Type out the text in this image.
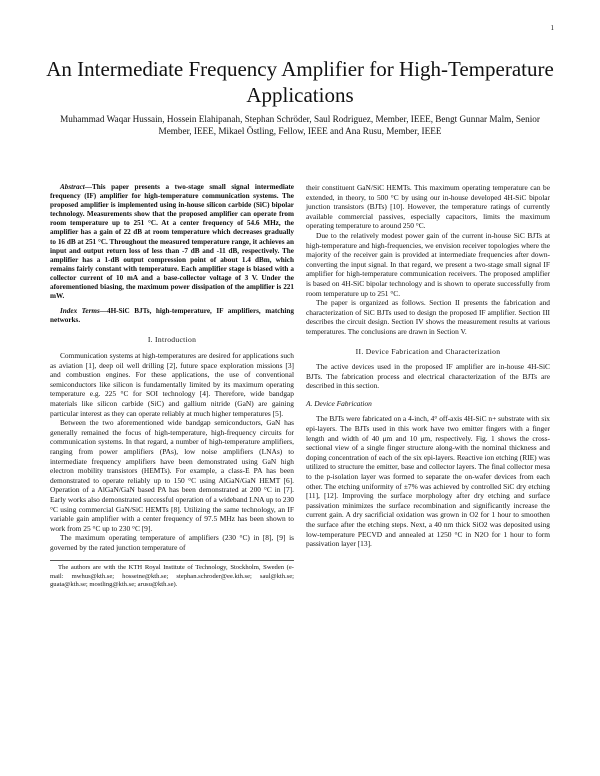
1
An Intermediate Frequency Amplifier for High-Temperature Applications
Muhammad Waqar Hussain, Hossein Elahipanah, Stephan Schröder, Saul Rodriguez, Member, IEEE, Bengt Gunnar Malm, Senior Member, IEEE, Mikael Östling, Fellow, IEEE and Ana Rusu, Member, IEEE

Abstract—This paper presents a two-stage small signal intermediate frequency (IF) amplifier for high-temperature communication systems. The proposed amplifier is implemented using in-house silicon carbide (SiC) bipolar technology. Measurements show that the proposed amplifier can operate from room temperature up to 251 °C. At a center frequency of 54.6 MHz, the amplifier has a gain of 22 dB at room temperature which decreases gradually to 16 dB at 251 °C. Throughout the measured temperature range, it achieves an input and output return loss of less than -7 dB and -11 dB, respectively. The amplifier has a 1-dB output compression point of about 1.4 dBm, which remains fairly constant with temperature. Each amplifier stage is biased with a collector current of 10 mA and a base-collector voltage of 3 V. Under the aforementioned biasing, the maximum power dissipation of the amplifier is 221 mW.

Index Terms—4H-SiC BJTs, high-temperature, IF amplifiers, matching networks.

I. Introduction

Communication systems at high-temperatures are desired for applications such as aviation [1], deep oil well drilling [2], future space exploration missions [3] and combustion engines. For these applications, the use of conventional semiconductors like silicon is fundamentally limited by its maximum operating temperature e.g. 225 °C for SOI technology [4]. Therefore, wide bandgap materials like silicon carbide (SiC) and gallium nitride (GaN) are gaining particular interest as they can operate reliably at much higher temperatures [5].

Between the two aforementioned wide bandgap semiconductors, GaN has generally remained the focus of high-temperature, high-frequency circuits for communication systems. In that regard, a number of high-temperature amplifiers, ranging from power amplifiers (PAs), low noise amplifiers (LNAs) to intermediate frequency amplifiers have been demonstrated using GaN high electron mobility transistors (HEMTs). For example, a class-E PA has been demonstrated to operate reliably up to 150 °C using AlGaN/GaN HEMT [6]. Operation of a AlGaN/GaN based PA has been demonstrated at 200 °C in [7]. Early works also demonstrated successful operation of a wideband LNA up to 230 °C using commercial GaN/SiC HEMTs [8]. Utilizing the same technology, an IF variable gain amplifier with a center frequency of 97.5 MHz has been shown to work from 25 °C up to 230 °C [9].

The maximum operating temperature of amplifiers (230 °C) in [8], [9] is governed by the rated junction temperature of

The authors are with the KTH Royal Institute of Technology, Stockholm, Sweden (e-mail: mwhus@kth.se; hosseine@kth.se; stephan.schroder@ee.kth.se; saul@kth.se; guata@kth.se; mostling@kth.se; arusu@kth.se).

their constituent GaN/SiC HEMTs. This maximum operating temperature can be extended, in theory, to 500 °C by using our in-house developed 4H-SiC bipolar junction transistors (BJTs) [10]. However, the temperature ratings of currently available commercial passives, especially capacitors, limits the maximum operating temperature to around 250 °C.

Due to the relatively modest power gain of the current in-house SiC BJTs at high-temperature and high-frequencies, we envision receiver topologies where the majority of the receiver gain is provided at intermediate frequencies after down-converting the input signal. In that regard, we present a two-stage small signal IF amplifier for high-temperature communication receivers. The proposed amplifier is based on 4H-SiC bipolar technology and is shown to operate successfully from room temperature up to 251 °C.

The paper is organized as follows. Section II presents the fabrication and characterization of SiC BJTs used to design the proposed IF amplifier. Section III describes the circuit design. Section IV shows the measurement results at various temperatures. The conclusions are drawn in Section V.

II. Device Fabrication and Characterization

The active devices used in the proposed IF amplifier are in-house 4H-SiC BJTs. The fabrication process and electrical characterization of the BJTs are described in this section.

A. Device Fabrication

The BJTs were fabricated on a 4-inch, 4° off-axis 4H-SiC n+ substrate with six epi-layers. The BJTs used in this work have two emitter fingers with a finger length and width of 40 μm and 10 μm, respectively. Fig. 1 shows the cross-sectional view of a single finger structure along-with the nominal thickness and doping concentration of each of the six epi-layers. Reactive ion etching (RIE) was utilized to structure the emitter, base and collector layers. The final collector mesa to the p-isolation layer was formed to separate the on-wafer devices from each other. The etching uniformity of ±7% was achieved by controlled SiC dry etching [11], [12]. Improving the surface morphology after dry etching and surface passivation minimizes the surface recombination and significantly increase the current gain. A dry sacrificial oxidation was grown in O2 for 1 hour to smoothen the surface after the etching steps. Next, a 40 nm thick SiO2 was deposited using low-temperature PECVD and annealed at 1250 °C in N2O for 1 hour to form passivation layer [13].
